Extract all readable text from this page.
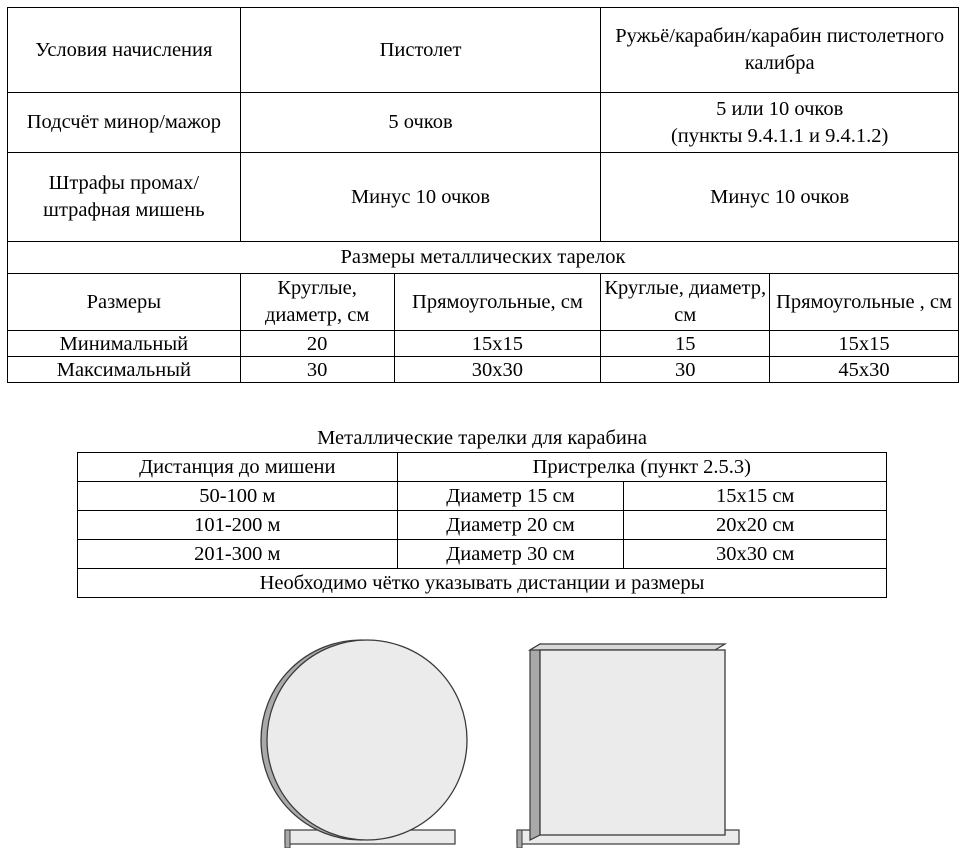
Условия начисления	Пистолет		Ружьё/карабин/карабин пистолетного калибра	
Подсчёт минор/мажор	5 очков		5 или 10 очков
(пункты 9.4.1.1 и 9.4.1.2)	

Штрафы промах/штрафная мишень	Минус 10 очков		Минус 10 очков	
Размеры металлических тарелок				
Размеры	Круглые, диаметр, см	Прямоугольные, см	Круглые, диаметр, см	Прямоугольные , см
Минимальный	20	15х15	15	15х15
Максимальный	30	30х30	30	45х30
Металлические тарелки для карабина
Дистанция до мишени	Пристрелка (пункт 2.5.3)	
50-100 м	Диаметр 15 см	15х15 см
101-200 м	Диаметр 20 см	20х20 см
201-300 м	Диаметр 30 см	30х30 см
Необходимо чётко указывать дистанции и размеры		
